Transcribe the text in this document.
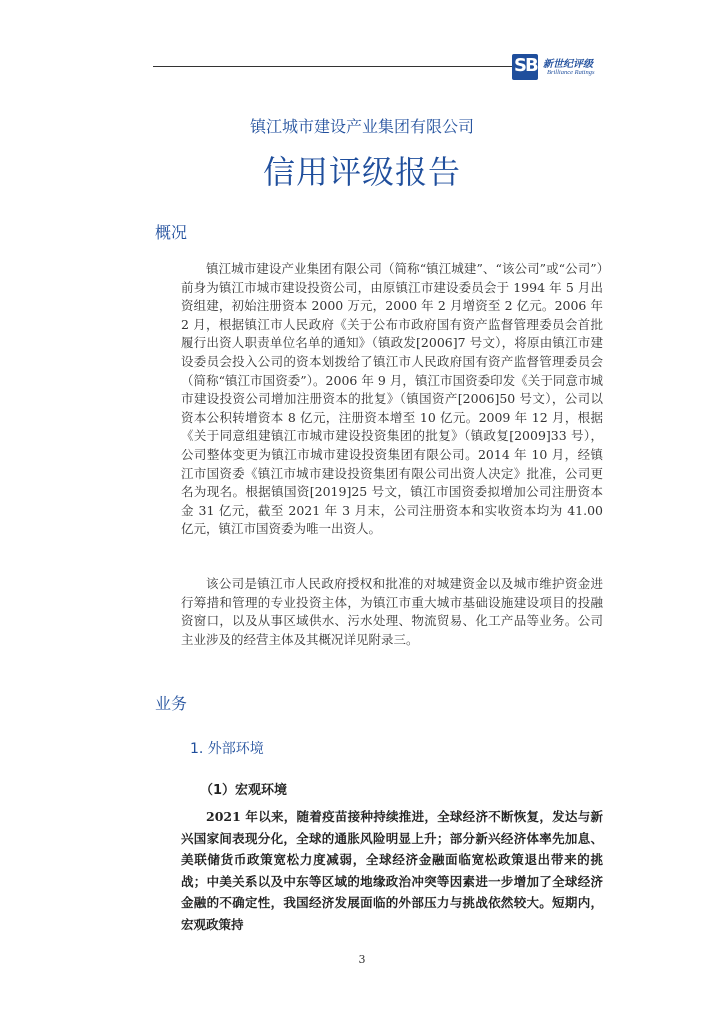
SB 新世纪评级
Brilliance Ratings
镇江城市建设产业集团有限公司
信用评级报告
概况
镇江城市建设产业集团有限公司（简称“镇江城建”、“该公司”或“公司”）前身为镇江市城市建设投资公司，由原镇江市建设委员会于 1994 年 5 月出资组建，初始注册资本 2000 万元，2000 年 2 月增资至 2 亿元。2006 年 2 月，根据镇江市人民政府《关于公布市政府国有资产监督管理委员会首批履行出资人职责单位名单的通知》（镇政发[2006]7 号文），将原由镇江市建设委员会投入公司的资本划拨给了镇江市人民政府国有资产监督管理委员会（简称“镇江市国资委”）。2006 年 9 月，镇江市国资委印发《关于同意市城市建设投资公司增加注册资本的批复》（镇国资产[2006]50 号文），公司以资本公积转增资本 8 亿元，注册资本增至 10 亿元。2009 年 12 月，根据《关于同意组建镇江市城市建设投资集团的批复》（镇政复[2009]33 号），公司整体变更为镇江市城市建设投资集团有限公司。2014 年 10 月，经镇江市国资委《镇江市城市建设投资集团有限公司出资人决定》批准，公司更名为现名。根据镇国资[2019]25 号文，镇江市国资委拟增加公司注册资本金 31 亿元，截至 2021 年 3 月末，公司注册资本和实收资本均为 41.00 亿元，镇江市国资委为唯一出资人。
该公司是镇江市人民政府授权和批准的对城建资金以及城市维护资金进行筹措和管理的专业投资主体，为镇江市重大城市基础设施建设项目的投融资窗口，以及从事区域供水、污水处理、物流贸易、化工产品等业务。公司主业涉及的经营主体及其概况详见附录三。
业务
1. 外部环境
（1）宏观环境
2021 年以来，随着疫苗接种持续推进，全球经济不断恢复，发达与新兴国家间表现分化，全球的通胀风险明显上升；部分新兴经济体率先加息、美联储货币政策宽松力度减弱，全球经济金融面临宽松政策退出带来的挑战；中美关系以及中东等区域的地缘政治冲突等因素进一步增加了全球经济金融的不确定性，我国经济发展面临的外部压力与挑战依然较大。短期内，宏观政策持
3
